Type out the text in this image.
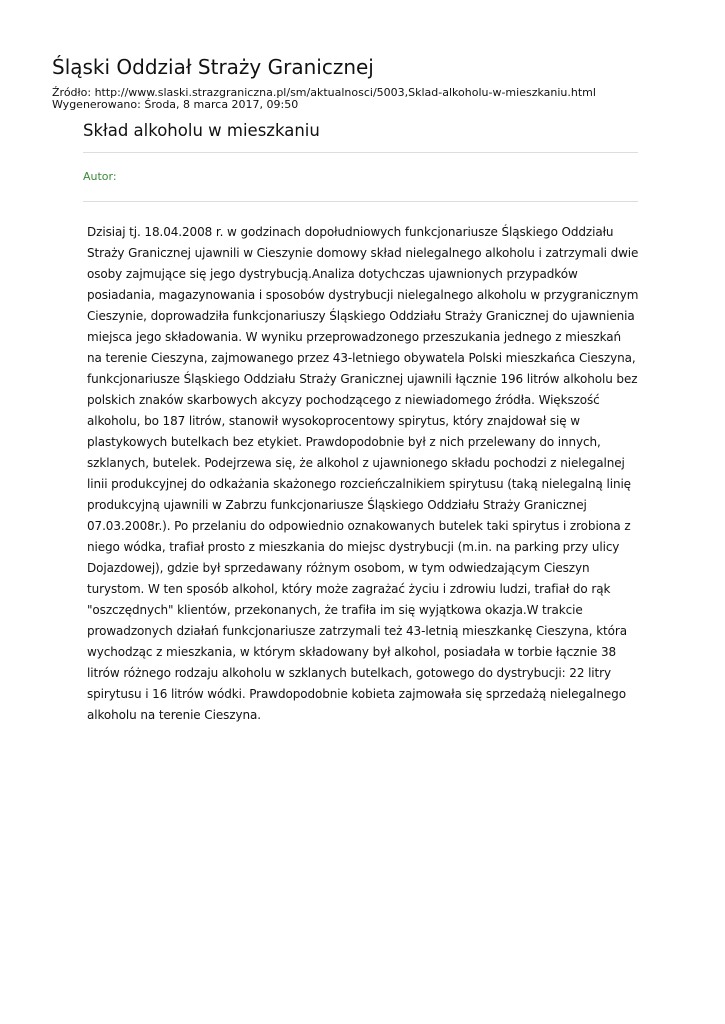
Śląski Oddział Straży Granicznej
Źródło: http://www.slaski.strazgraniczna.pl/sm/aktualnosci/5003,Sklad-alkoholu-w-mieszkaniu.html
Wygenerowano: Środa, 8 marca 2017, 09:50
Skład alkoholu w mieszkaniu
Autor:

Dzisiaj tj. 18.04.2008 r. w godzinach dopołudniowych funkcjonariusze Śląskiego Oddziału Straży Granicznej ujawnili w Cieszynie domowy skład nielegalnego alkoholu i zatrzymali dwie osoby zajmujące się jego dystrybucją.Analiza dotychczas ujawnionych przypadków posiadania, magazynowania i sposobów dystrybucji nielegalnego alkoholu w przygranicznym Cieszynie, doprowadziła funkcjonariuszy Śląskiego Oddziału Straży Granicznej do ujawnienia miejsca jego składowania. W wyniku przeprowadzonego przeszukania jednego z mieszkań na terenie Cieszyna, zajmowanego przez 43-letniego obywatela Polski mieszkańca Cieszyna, funkcjonariusze Śląskiego Oddziału Straży Granicznej ujawnili łącznie 196 litrów alkoholu bez polskich znaków skarbowych akcyzy pochodzącego z niewiadomego źródła. Większość alkoholu, bo 187 litrów, stanowił wysokoprocentowy spirytus, który znajdował się w plastykowych butelkach bez etykiet. Prawdopodobnie był z nich przelewany do innych, szklanych, butelek. Podejrzewa się, że alkohol z ujawnionego składu pochodzi z nielegalnej linii produkcyjnej do odkażania skażonego rozcieńczalnikiem spirytusu (taką nielegalną linię produkcyjną ujawnili w Zabrzu funkcjonariusze Śląskiego Oddziału Straży Granicznej 07.03.2008r.). Po przelaniu do odpowiednio oznakowanych butelek taki spirytus i zrobiona z niego wódka, trafiał prosto z mieszkania do miejsc dystrybucji (m.in. na parking przy ulicy Dojazdowej), gdzie był sprzedawany różnym osobom, w tym odwiedzającym Cieszyn turystom. W ten sposób alkohol, który może zagrażać życiu i zdrowiu ludzi, trafiał do rąk "oszczędnych" klientów, przekonanych, że trafiła im się wyjątkowa okazja.W trakcie prowadzonych działań funkcjonariusze zatrzymali też 43-letnią mieszkankę Cieszyna, która wychodząc z mieszkania, w którym składowany był alkohol, posiadała w torbie łącznie 38 litrów różnego rodzaju alkoholu w szklanych butelkach, gotowego do dystrybucji: 22 litry spirytusu i 16 litrów wódki. Prawdopodobnie kobieta zajmowała się sprzedażą nielegalnego alkoholu na terenie Cieszyna.
